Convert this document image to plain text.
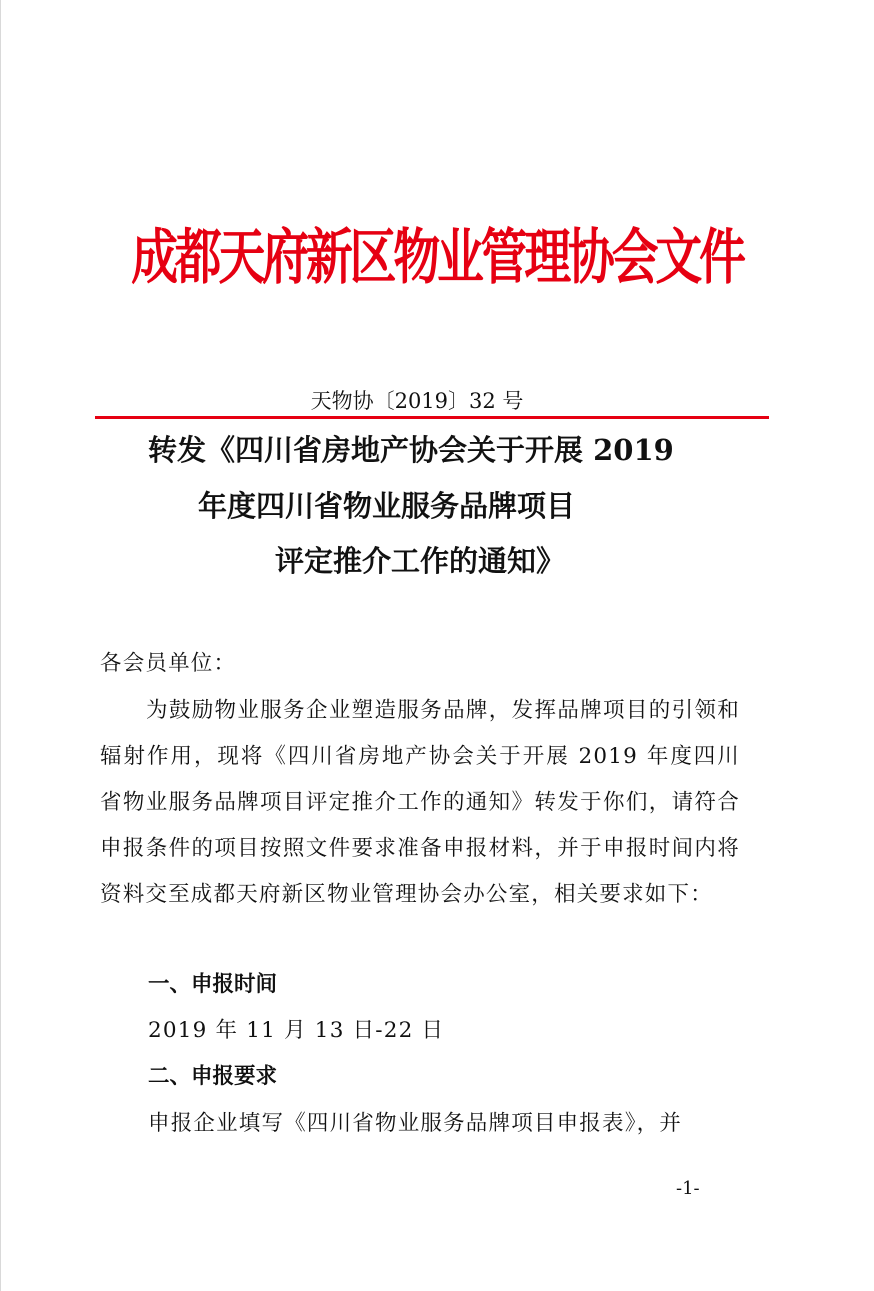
成都天府新区物业管理协会文件
天物协〔2019〕32 号
转发《四川省房地产协会关于开展 2019
年度四川省物业服务品牌项目
评定推介工作的通知》
各会员单位：
为鼓励物业服务企业塑造服务品牌，发挥品牌项目的引领和辐射作用，现将《四川省房地产协会关于开展 2019 年度四川省物业服务品牌项目评定推介工作的通知》转发于你们，请符合申报条件的项目按照文件要求准备申报材料，并于申报时间内将资料交至成都天府新区物业管理协会办公室，相关要求如下：
一、申报时间
2019 年 11 月 13 日-22 日
二、申报要求
申报企业填写《四川省物业服务品牌项目申报表》，并
-1-
